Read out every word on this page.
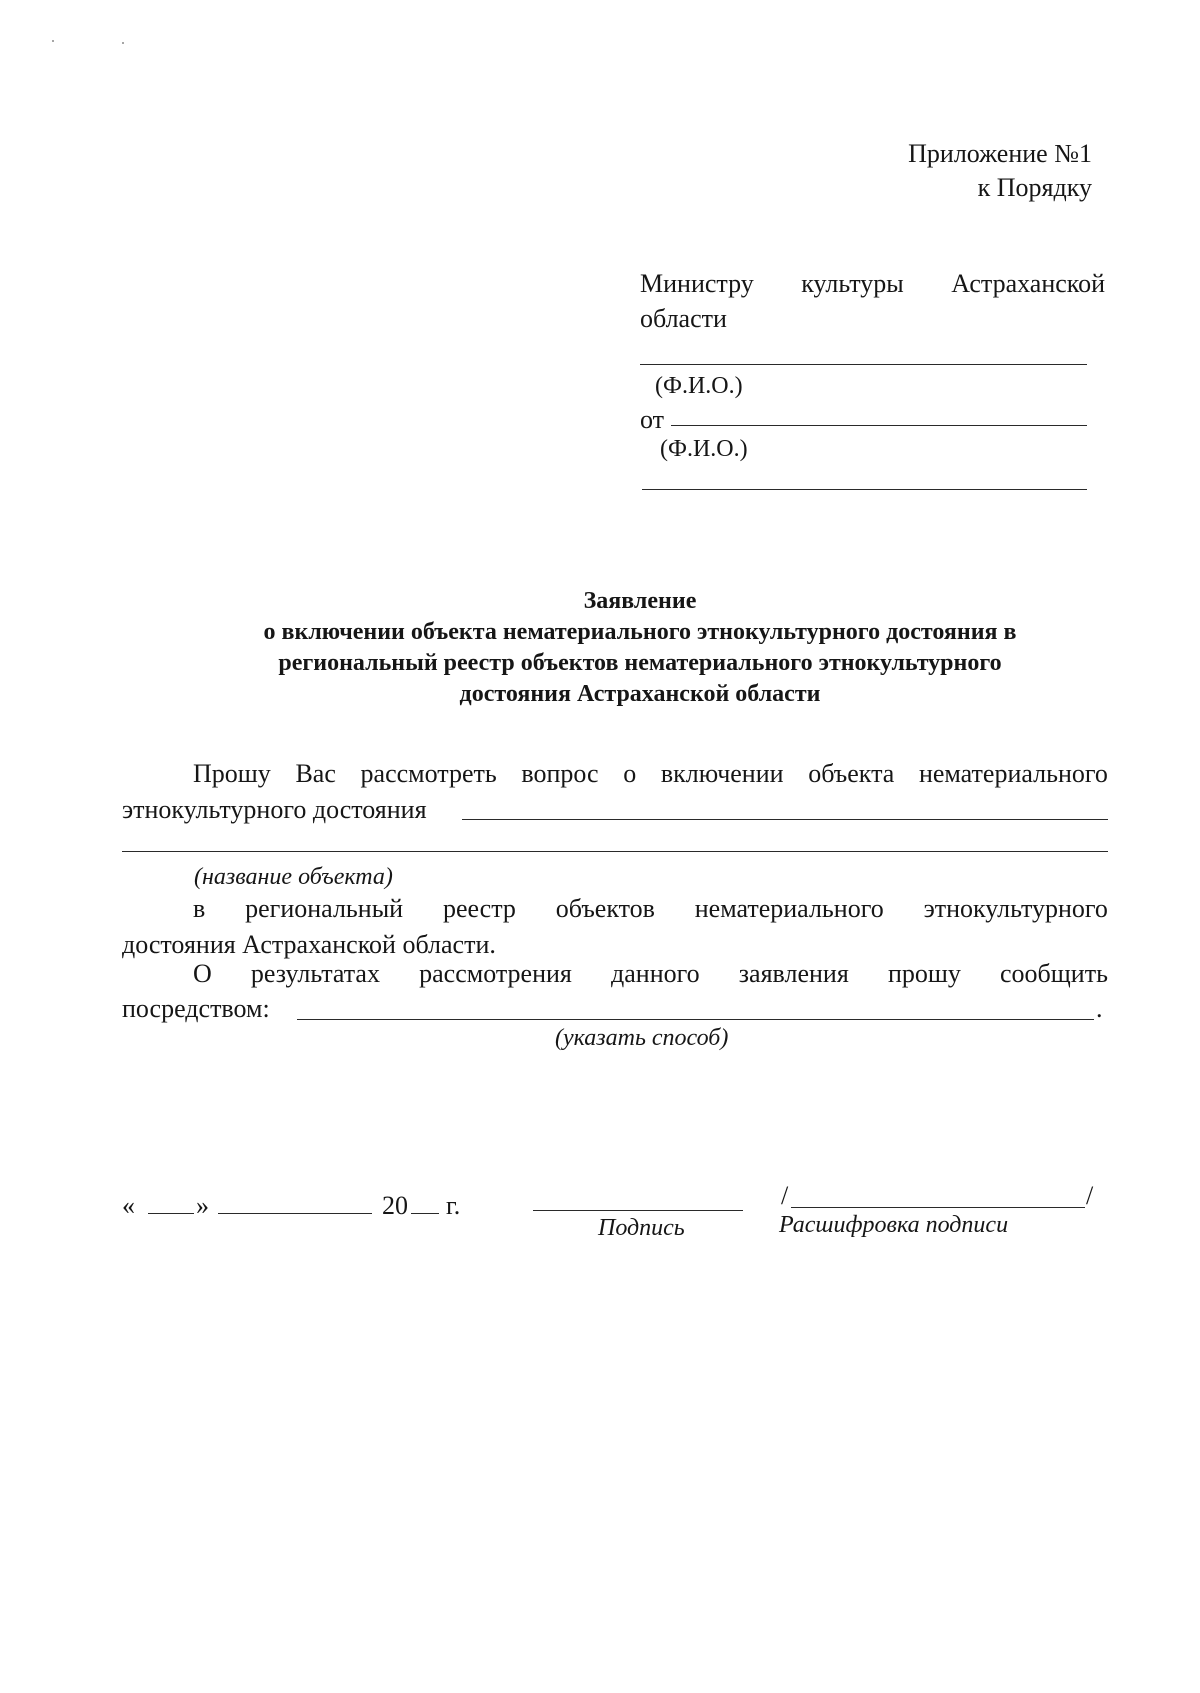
Приложение №1
к Порядку
Министру культуры Астраханской
области
(Ф.И.О.)
от
(Ф.И.О.)
Заявление
о включении объекта нематериального этнокультурного достояния в
региональный реестр объектов нематериального этнокультурного
достояния Астраханской области
Прошу Вас рассмотреть вопрос о включении объекта нематериального
этнокультурного достояния
(название объекта)
в региональный реестр объектов нематериального этнокультурного
достояния Астраханской области.
О результатах рассмотрения данного заявления прошу сообщить
посредством:	.
(указать способ)
« »	20 г.
Подпись
/	/
Расшифровка подписи
